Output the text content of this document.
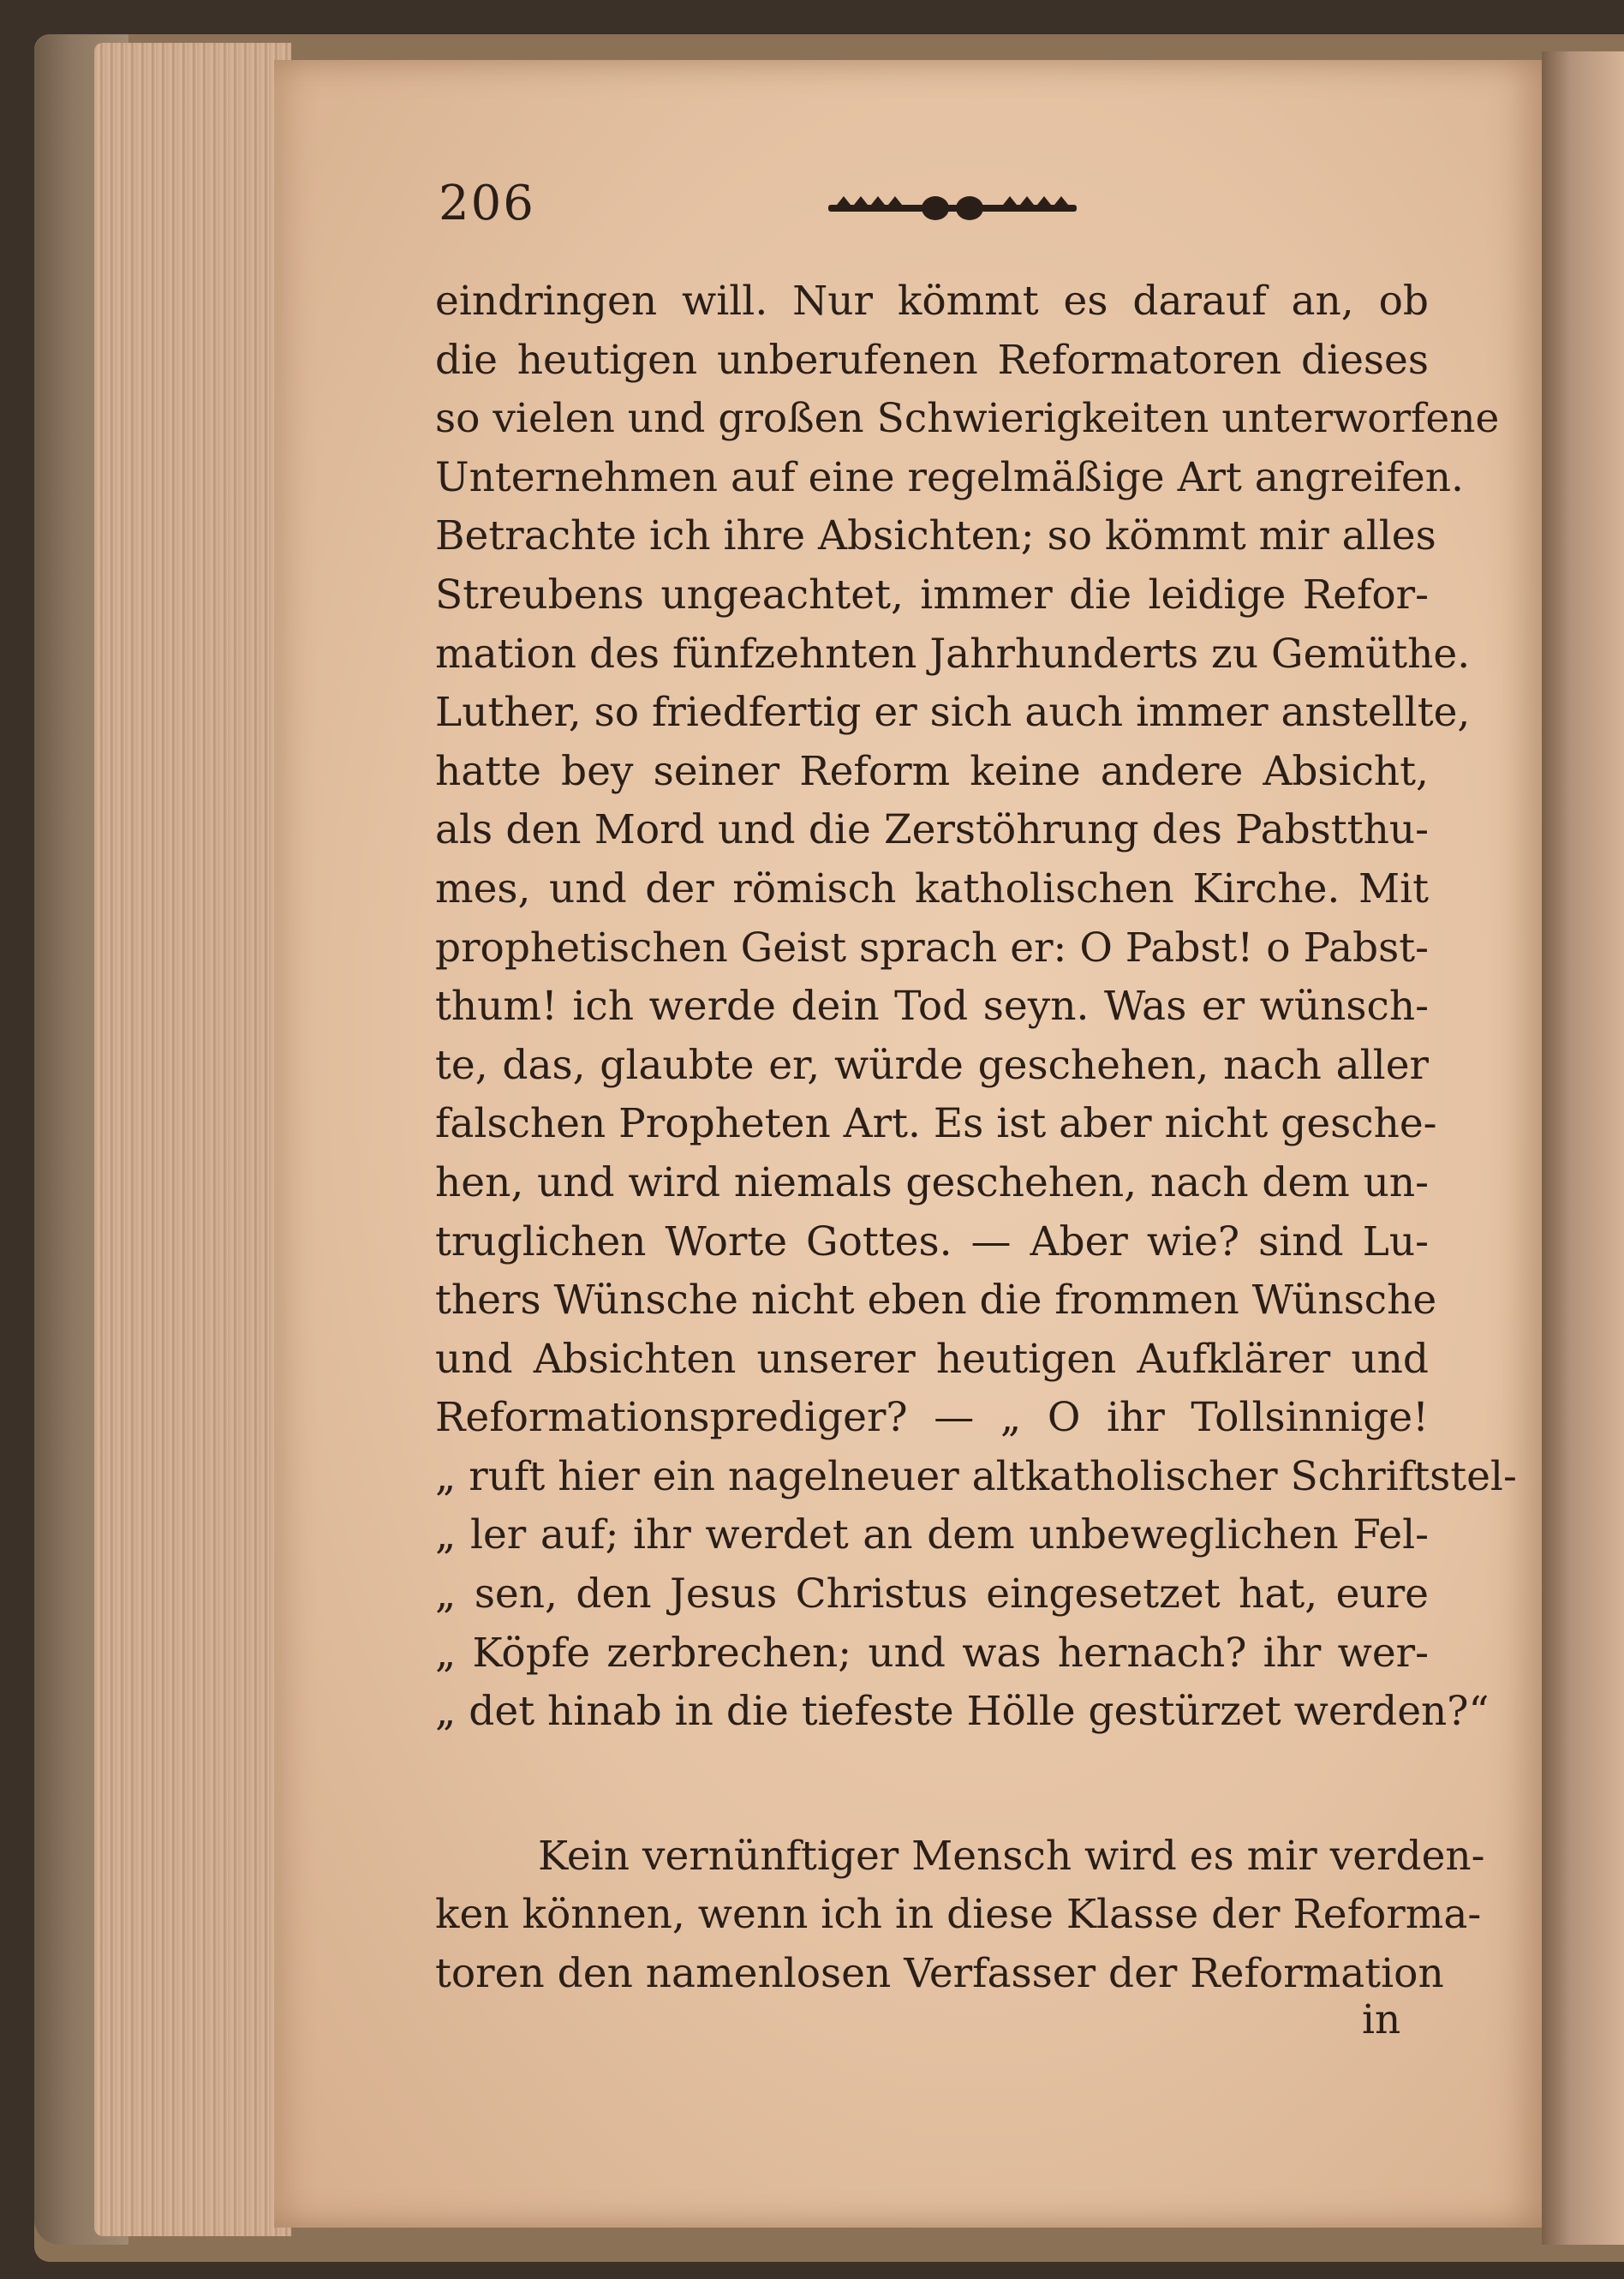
206
eindringen will. Nur kömmt es darauf an, ob
die heutigen unberufenen Reformatoren dieses
so vielen und großen Schwierigkeiten unterworfene
Unternehmen auf eine regelmäßige Art angreifen.
Betrachte ich ihre Absichten; so kömmt mir alles
Streubens ungeachtet, immer die leidige Refor-
mation des fünfzehnten Jahrhunderts zu Gemüthe.
Luther, so friedfertig er sich auch immer anstellte,
hatte bey seiner Reform keine andere Absicht,
als den Mord und die Zerstöhrung des Pabstthu-
mes, und der römisch katholischen Kirche. Mit
prophetischen Geist sprach er: O Pabst! o Pabst-
thum! ich werde dein Tod seyn. Was er wünsch-
te, das, glaubte er, würde geschehen, nach aller
falschen Propheten Art. Es ist aber nicht gesche-
hen, und wird niemals geschehen, nach dem un-
truglichen Worte Gottes. — Aber wie? sind Lu-
thers Wünsche nicht eben die frommen Wünsche
und Absichten unserer heutigen Aufklärer und
Reformationsprediger? — „ O ihr Tollsinnige!
„ ruft hier ein nagelneuer altkatholischer Schriftstel-
„ ler auf; ihr werdet an dem unbeweglichen Fel-
„ sen, den Jesus Christus eingesetzet hat, eure
„ Köpfe zerbrechen; und was hernach? ihr wer-
„ det hinab in die tiefeste Hölle gestürzet werden?“
Kein vernünftiger Mensch wird es mir verden-
ken können, wenn ich in diese Klasse der Reforma-
toren den namenlosen Verfasser der Reformation
in
